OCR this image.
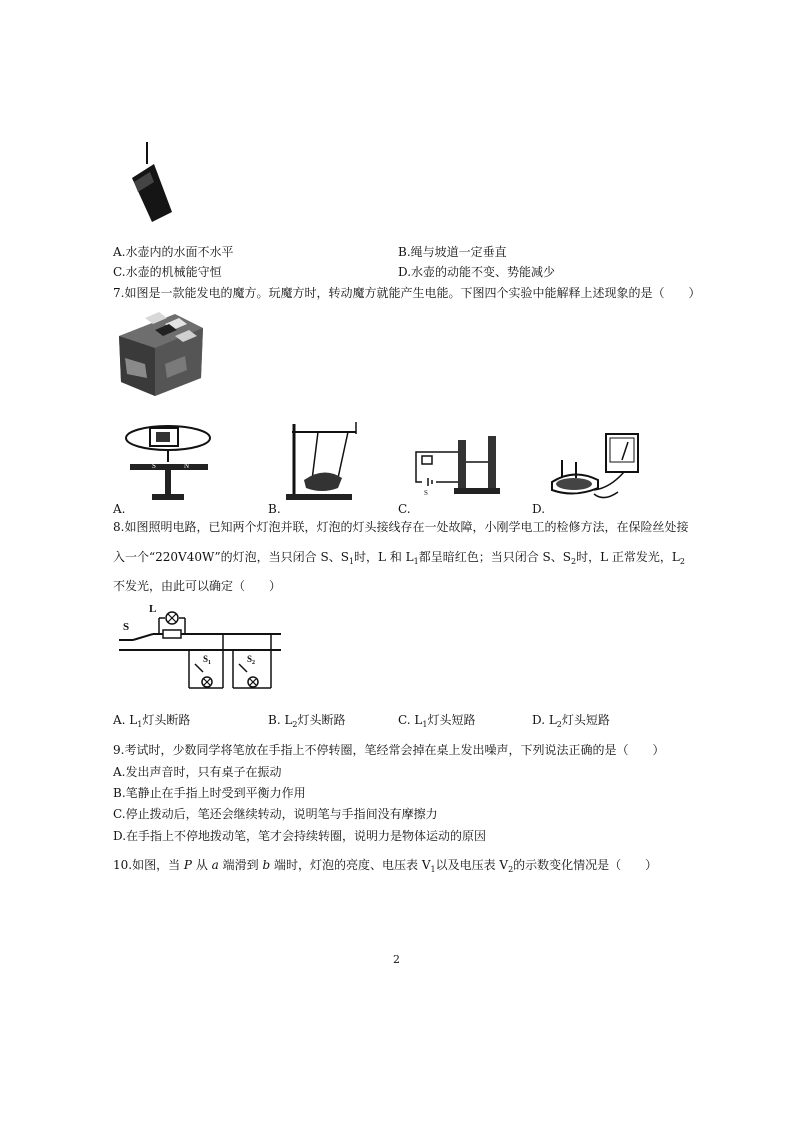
A.水壶内的水面不水平	B.绳与坡道一定垂直
C.水壶的机械能守恒	D.水壶的动能不变、势能减少
7.如图是一款能发电的魔方。玩魔方时，转动魔方就能产生电能。下图四个实验中能解释上述现象的是（　　）
S	N
A.	B.
S
C.	D.
8.如图照明电路，已知两个灯泡并联，灯泡的灯头接线存在一处故障，小刚学电工的检修方法，在保险丝处接
入一个“220V40W”的灯泡，当只闭合 S、$S_1$时，L 和 $L_1$都呈暗红色；当只闭合 S、$S_2$时，L 正常发光，$L_2$
不发光，由此可以确定（　　）
S
L
$S_1$	$S_2$
A. $L_1$灯头断路	B. $L_2$灯头断路	C. $L_1$灯头短路	D. $L_2$灯头短路
9.考试时，少数同学将笔放在手指上不停转圈，笔经常会掉在桌上发出噪声，下列说法正确的是（　　）
A.发出声音时，只有桌子在振动
B.笔静止在手指上时受到平衡力作用
C.停止拨动后，笔还会继续转动，说明笔与手指间没有摩擦力
D.在手指上不停地拨动笔，笔才会持续转圈，说明力是物体运动的原因
10.如图，当 P 从 a 端滑到 b 端时，灯泡的亮度、电压表 $V_1$以及电压表 $V_2$的示数变化情况是（　　）
2
